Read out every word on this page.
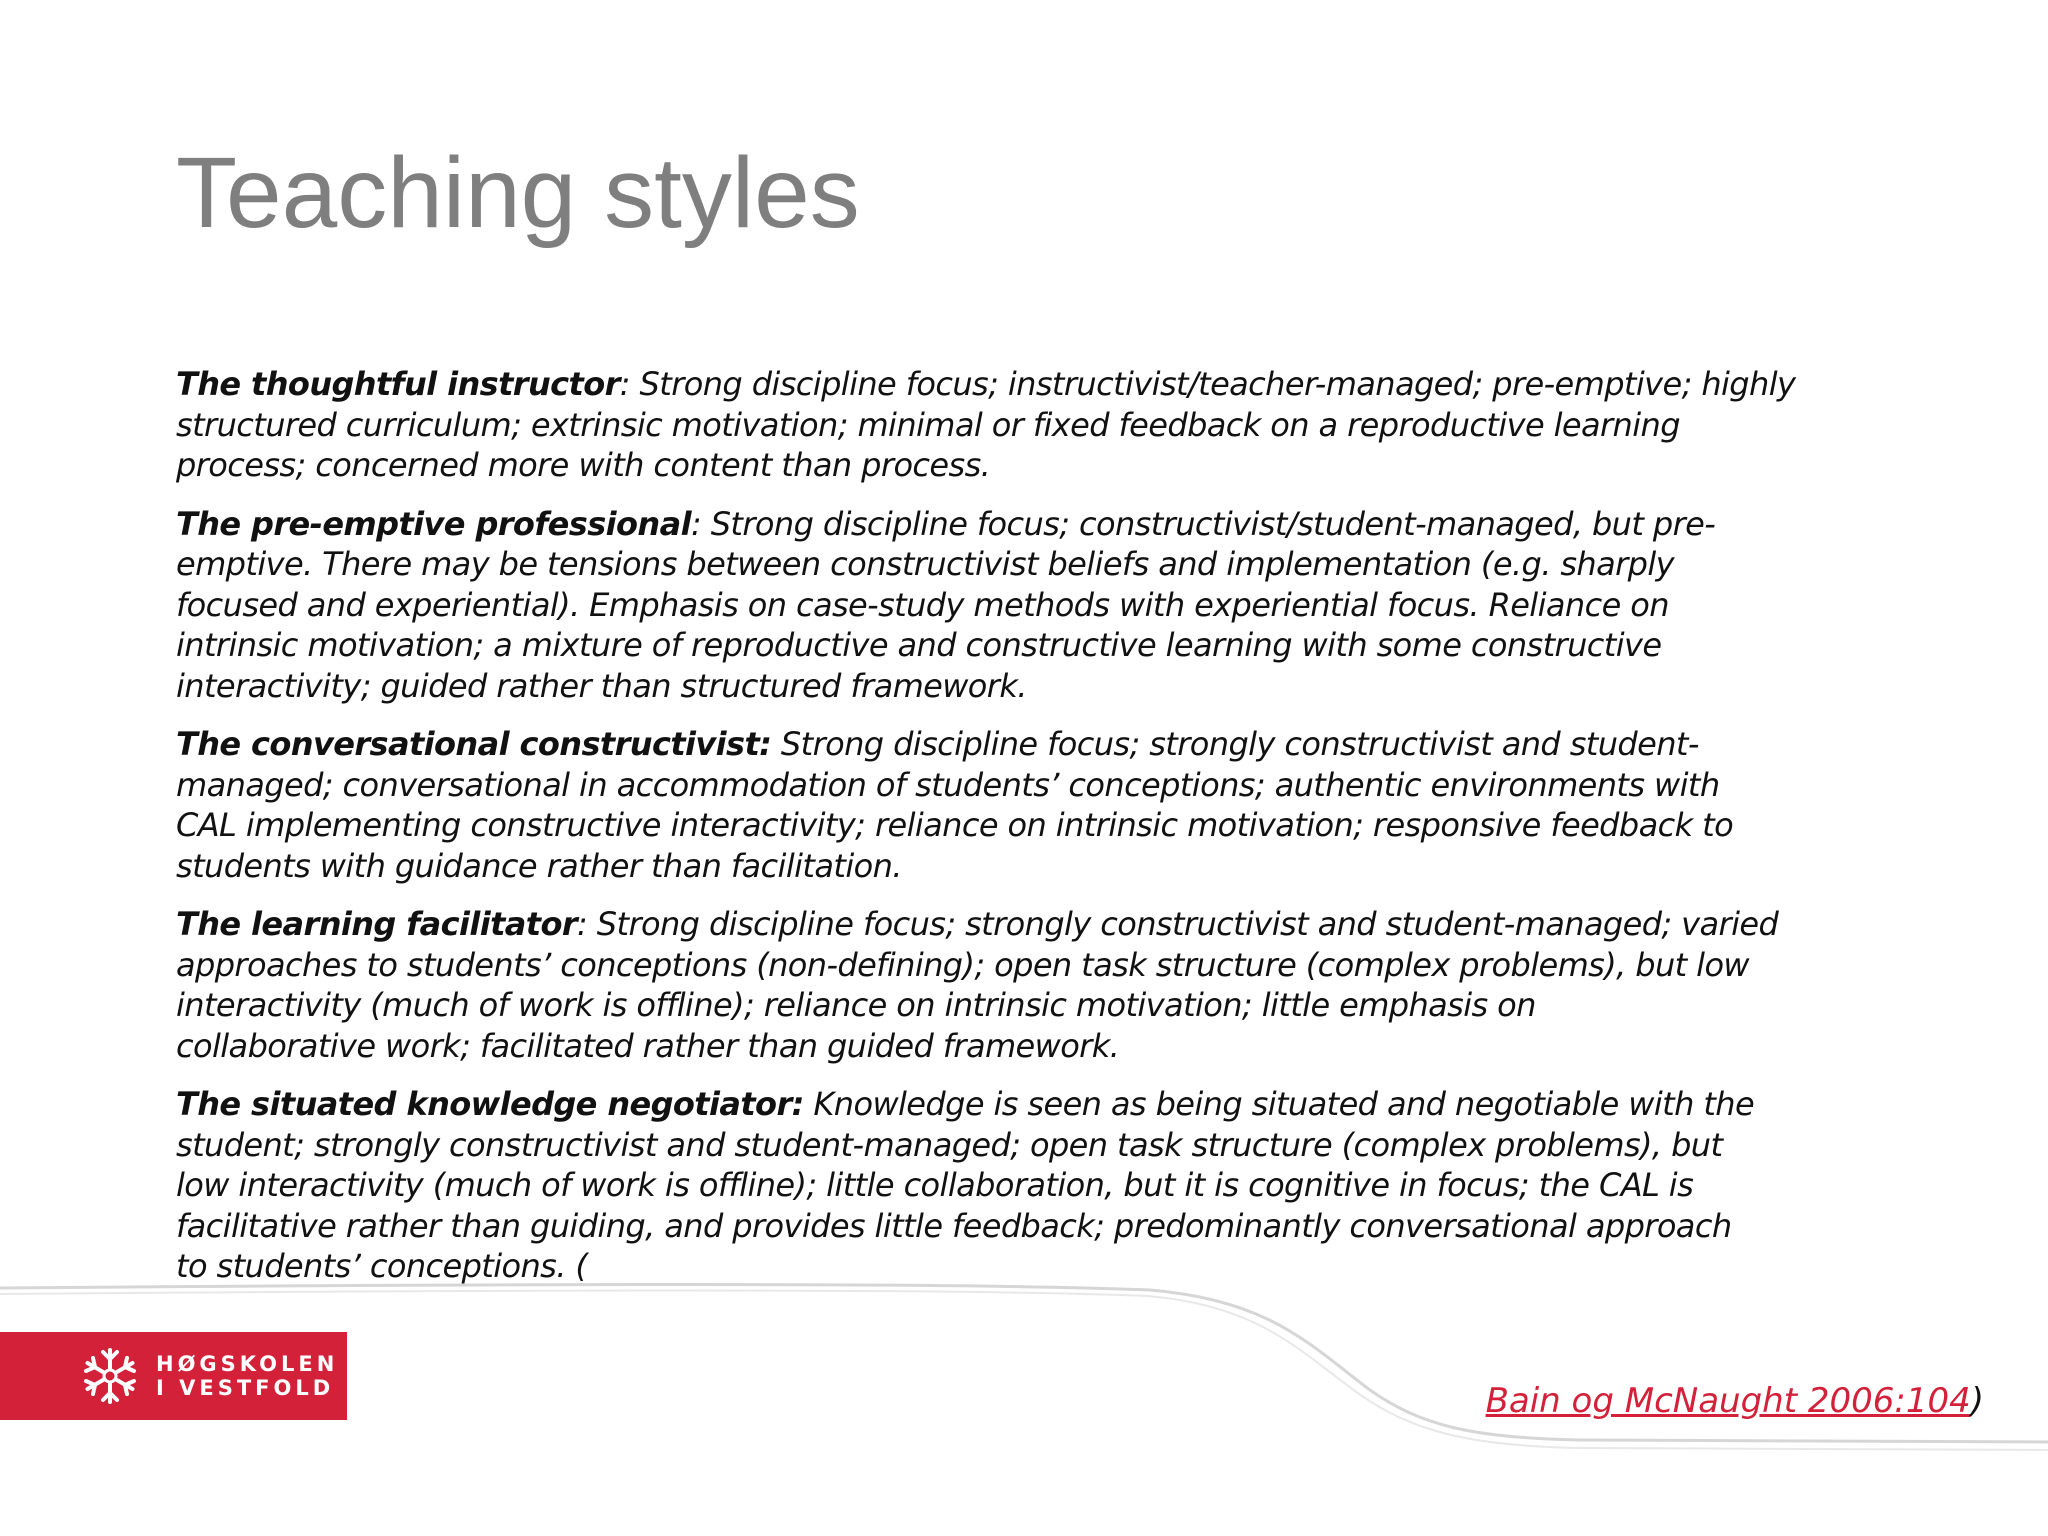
Teaching styles

The thoughtful instructor: Strong discipline focus; instructivist/teacher-managed; pre-emptive; highly
structured curriculum; extrinsic motivation; minimal or fixed feedback on a reproductive learning
process; concerned more with content than process.

The pre-emptive professional: Strong discipline focus; constructivist/student-managed, but pre-
emptive. There may be tensions between constructivist beliefs and implementation (e.g. sharply
focused and experiential). Emphasis on case-study methods with experiential focus. Reliance on
intrinsic motivation; a mixture of reproductive and constructive learning with some constructive
interactivity; guided rather than structured framework.

The conversational constructivist: Strong discipline focus; strongly constructivist and student-
managed; conversational in accommodation of students’ conceptions; authentic environments with
CAL implementing constructive interactivity; reliance on intrinsic motivation; responsive feedback to
students with guidance rather than facilitation.

The learning facilitator: Strong discipline focus; strongly constructivist and student-managed; varied
approaches to students’ conceptions (non-defining); open task structure (complex problems), but low
interactivity (much of work is offline); reliance on intrinsic motivation; little emphasis on
collaborative work; facilitated rather than guided framework.

The situated knowledge negotiator: Knowledge is seen as being situated and negotiable with the
student; strongly constructivist and student-managed; open task structure (complex problems), but
low interactivity (much of work is offline); little collaboration, but it is cognitive in focus; the CAL is
facilitative rather than guiding, and provides little feedback; predominantly conversational approach
to students’ conceptions. (

HØGSKOLEN
I VESTFOLD	Bain og McNaught 2006:104)
